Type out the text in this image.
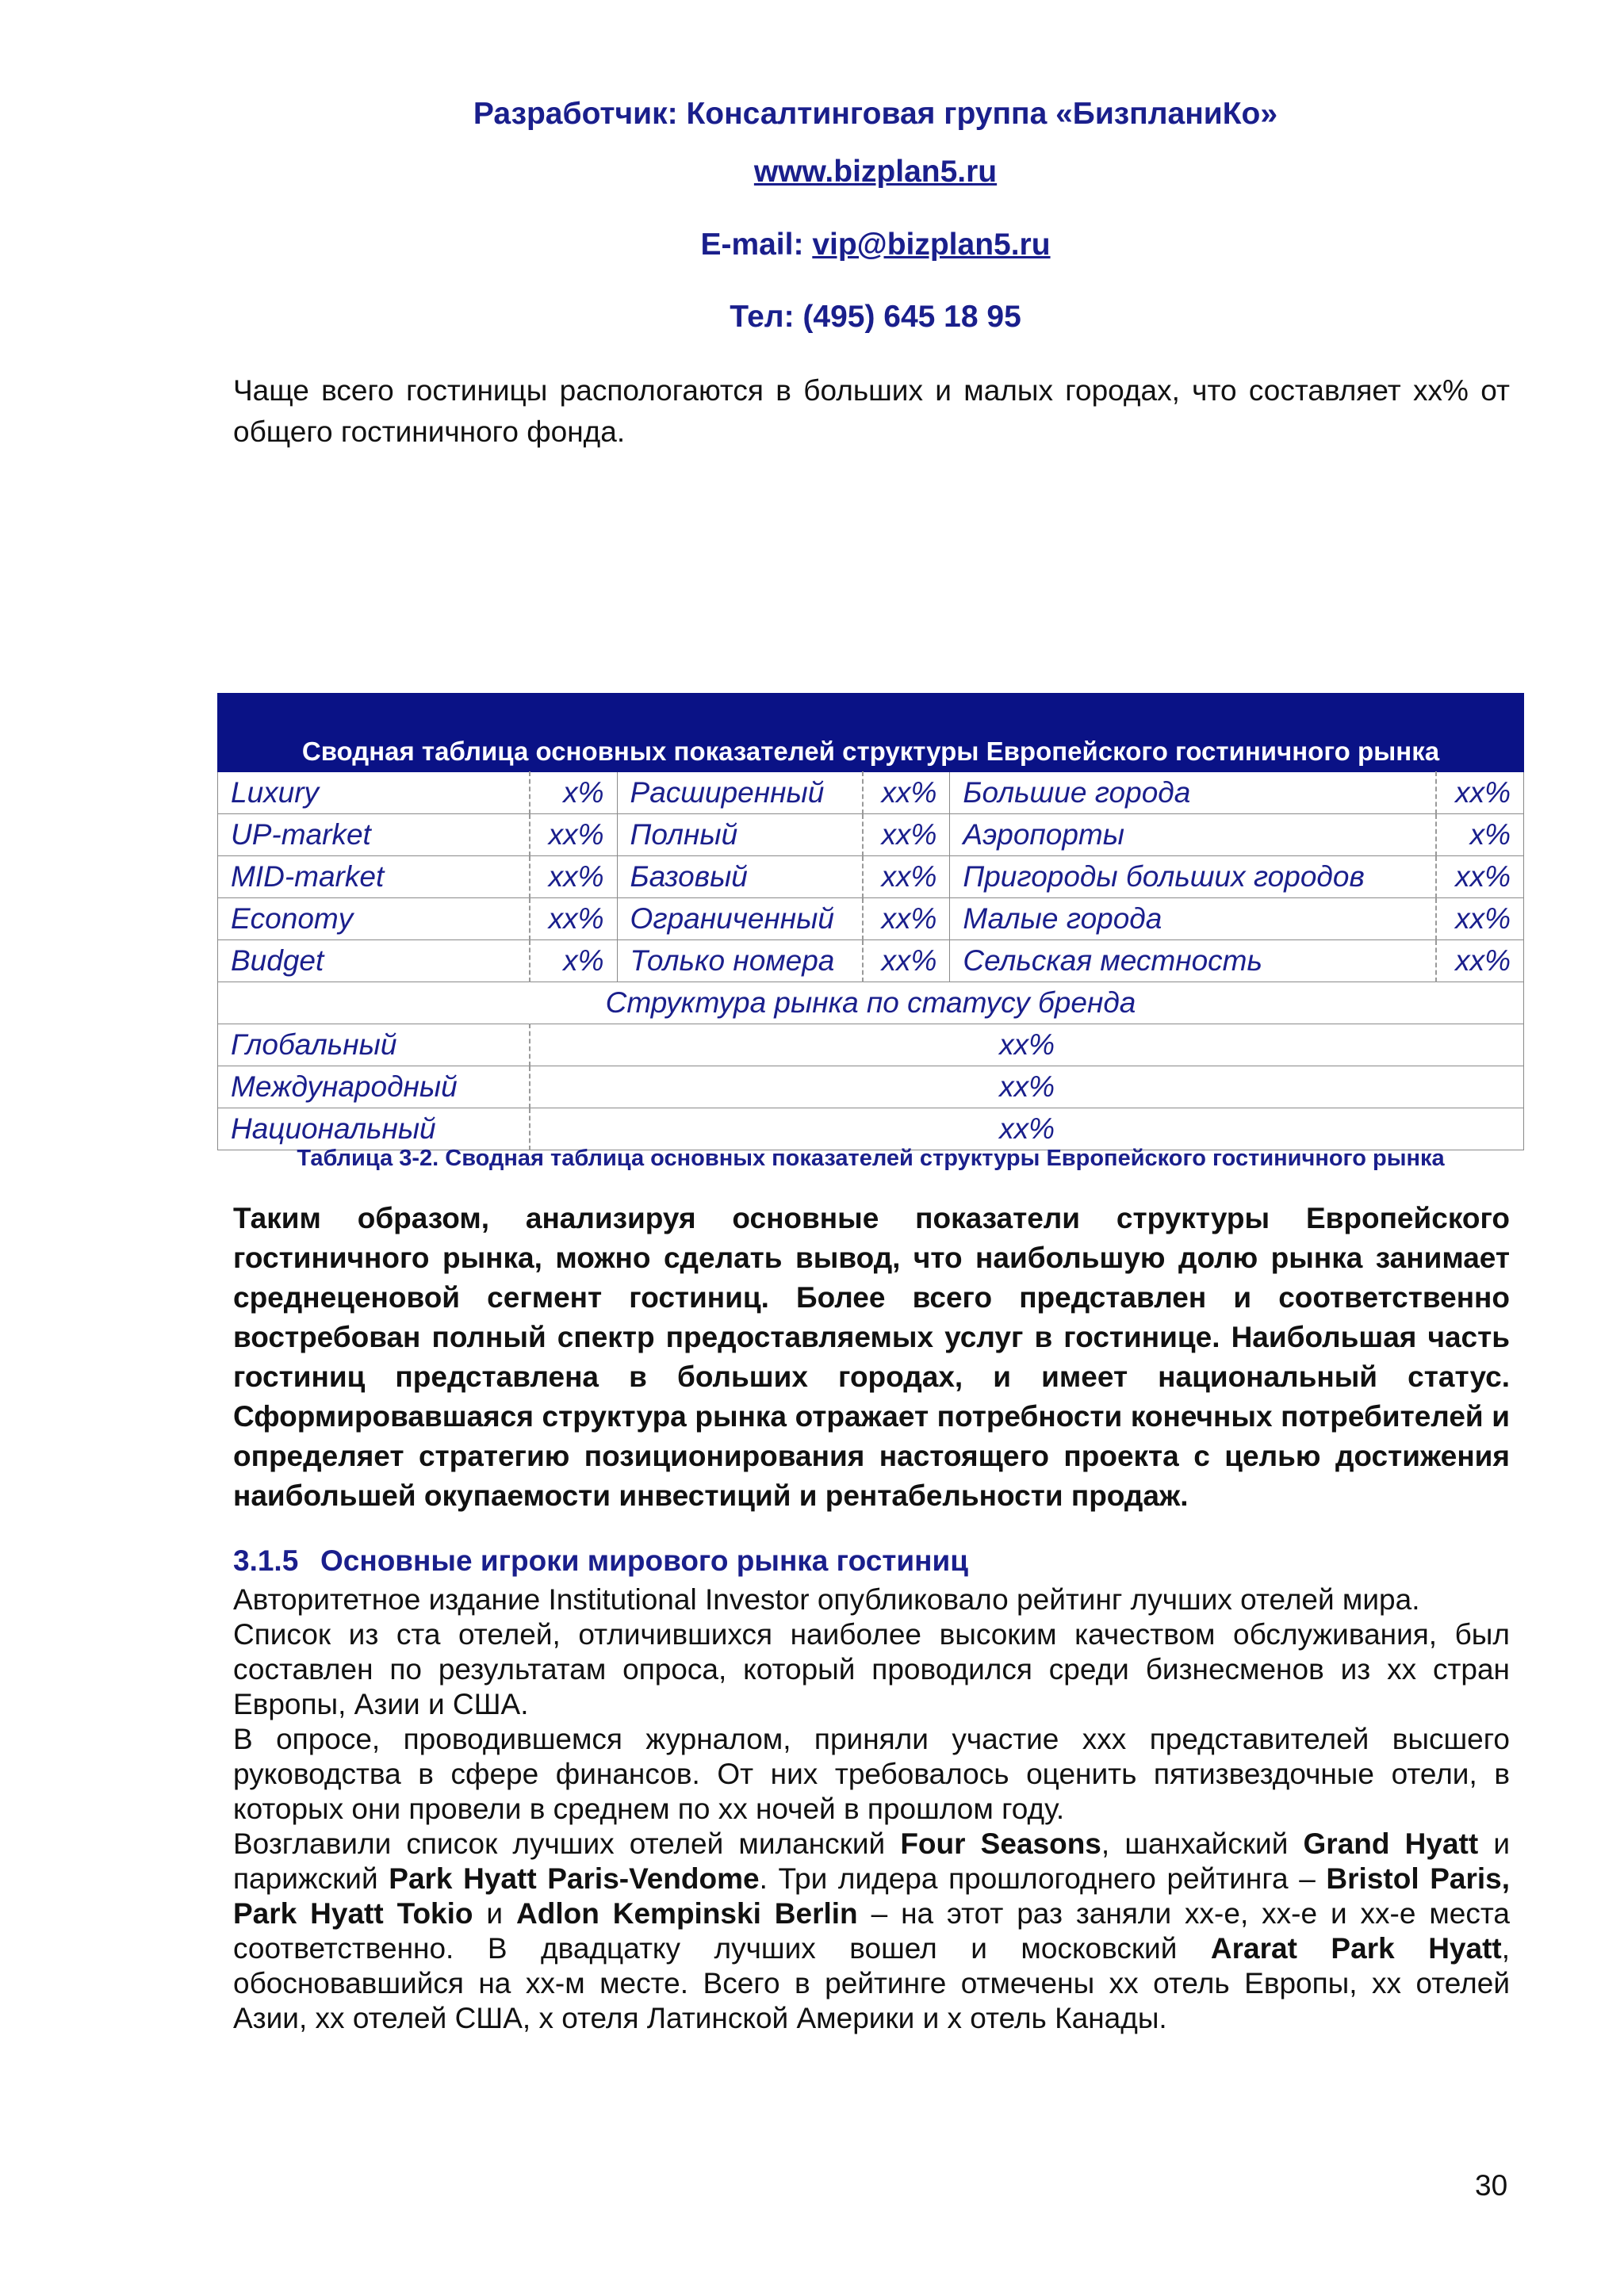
Разработчик: Консалтинговая группа «БизпланиКо»
www.bizplan5.ru
E-mail: vip@bizplan5.ru
Тел: (495) 645 18 95
Чаще всего гостиницы распологаются в больших и малых городах, что составляет xx% от общего гостиничного фонда.
Сводная таблица основных показателей структуры Европейского гостиничного рынка					
Luxury	x%	Расширенный	xx%	Большие города	xx%
UP-market	xx%	Полный	xx%	Аэропорты	x%
MID-market	xx%	Базовый	xx%	Пригороды больших городов	xx%
Economy	xx%	Ограниченный	xx%	Малые города	xx%
Budget	x%	Только номера	xx%	Сельская местность	xx%
Структура рынка по статусу бренда					
Глобальный	xx%				
Международный	xx%				
Национальный	xx%				
Таблица 3-2. Сводная таблица основных показателей структуры Европейского гостиничного рынка
Таким образом, анализируя основные показатели структуры Европейского гостиничного рынка, можно сделать вывод, что наибольшую долю рынка занимает среднеценовой сегмент гостиниц. Более всего представлен и соответственно востребован полный спектр предоставляемых услуг в гостинице. Наибольшая часть гостиниц представлена в больших городах, и имеет национальный статус. Сформировавшаяся структура рынка отражает потребности конечных потребителей и определяет стратегию позиционирования настоящего проекта с целью достижения наибольшей окупаемости инвестиций и рентабельности продаж.
3.1.5 Основные игроки мирового рынка гостиниц

Авторитетное издание Institutional Investor опубликовало рейтинг лучших отелей мира.

Список из ста отелей, отличившихся наиболее высоким качеством обслуживания, был составлен по результатам опроса, который проводился среди бизнесменов из xx стран Европы, Азии и США.

В опросе, проводившемся журналом, приняли участие xxx представителей высшего руководства в сфере финансов. От них требовалось оценить пятизвездочные отели, в которых они провели в среднем по xx ночей в прошлом году.

Возглавили список лучших отелей миланский Four Seasons, шанхайский Grand Hyatt и парижский Park Hyatt Paris-Vendome. Три лидера прошлогоднего рейтинга – Bristol Paris, Park Hyatt Tokio и Adlon Kempinski Berlin – на этот раз заняли xx-е, xx-е и xx-е места соответственно. В двадцатку лучших вошел и московский Ararat Park Hyatt, обосновавшийся на xx-м месте. Всего в рейтинге отмечены xx отель Европы, xx отелей Азии, xx отелей США, x отеля Латинской Америки и x отель Канады.

30
